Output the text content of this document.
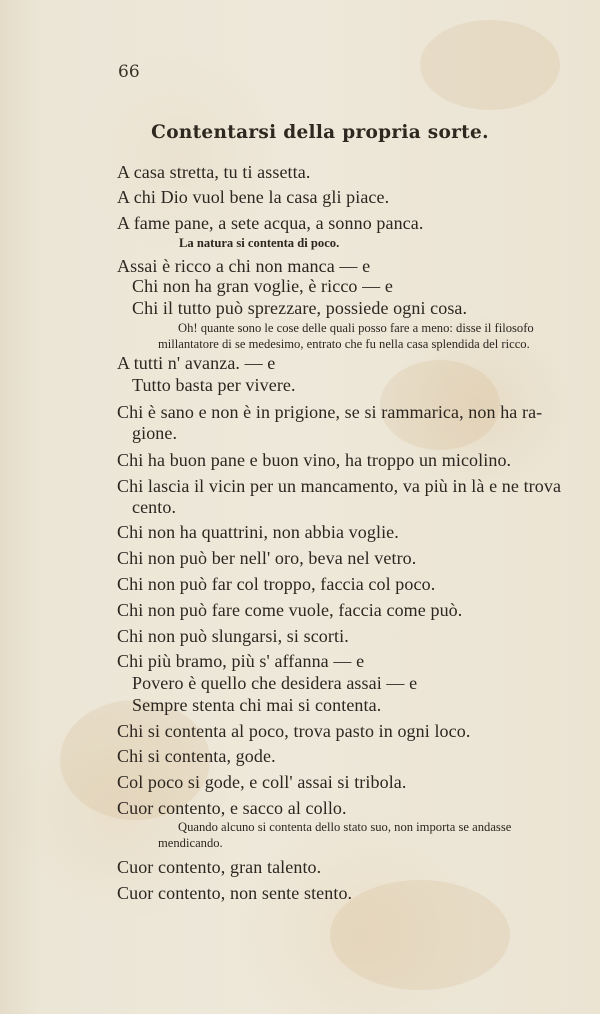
66
Contentarsi della propria sorte.
A casa stretta, tu ti assetta.
A chi Dio vuol bene la casa gli piace.
A fame pane, a sete acqua, a sonno panca.
La natura si contenta di poco.
Assai è ricco a chi non manca — e
Chi non ha gran voglie, è ricco — e
Chi il tutto può sprezzare, possiede ogni cosa.
Oh! quante sono le cose delle quali posso fare a meno: disse il filosofo
millantatore di se medesimo, entrato che fu nella casa splendida del ricco.
A tutti n' avanza. — e
Tutto basta per vivere.
Chi è sano e non è in prigione, se si rammarica, non ha ra-
gione.
Chi ha buon pane e buon vino, ha troppo un micolino.
Chi lascia il vicin per un mancamento, va più in là e ne trova
cento.
Chi non ha quattrini, non abbia voglie.
Chi non può ber nell' oro, beva nel vetro.
Chi non può far col troppo, faccia col poco.
Chi non può fare come vuole, faccia come può.
Chi non può slungarsi, si scorti.
Chi più bramo, più s' affanna — e
Povero è quello che desidera assai — e
Sempre stenta chi mai si contenta.
Chi si contenta al poco, trova pasto in ogni loco.
Chi si contenta, gode.
Col poco si gode, e coll' assai si tribola.
Cuor contento, e sacco al collo.
Quando alcuno si contenta dello stato suo, non importa se andasse
mendicando.
Cuor contento, gran talento.
Cuor contento, non sente stento.
